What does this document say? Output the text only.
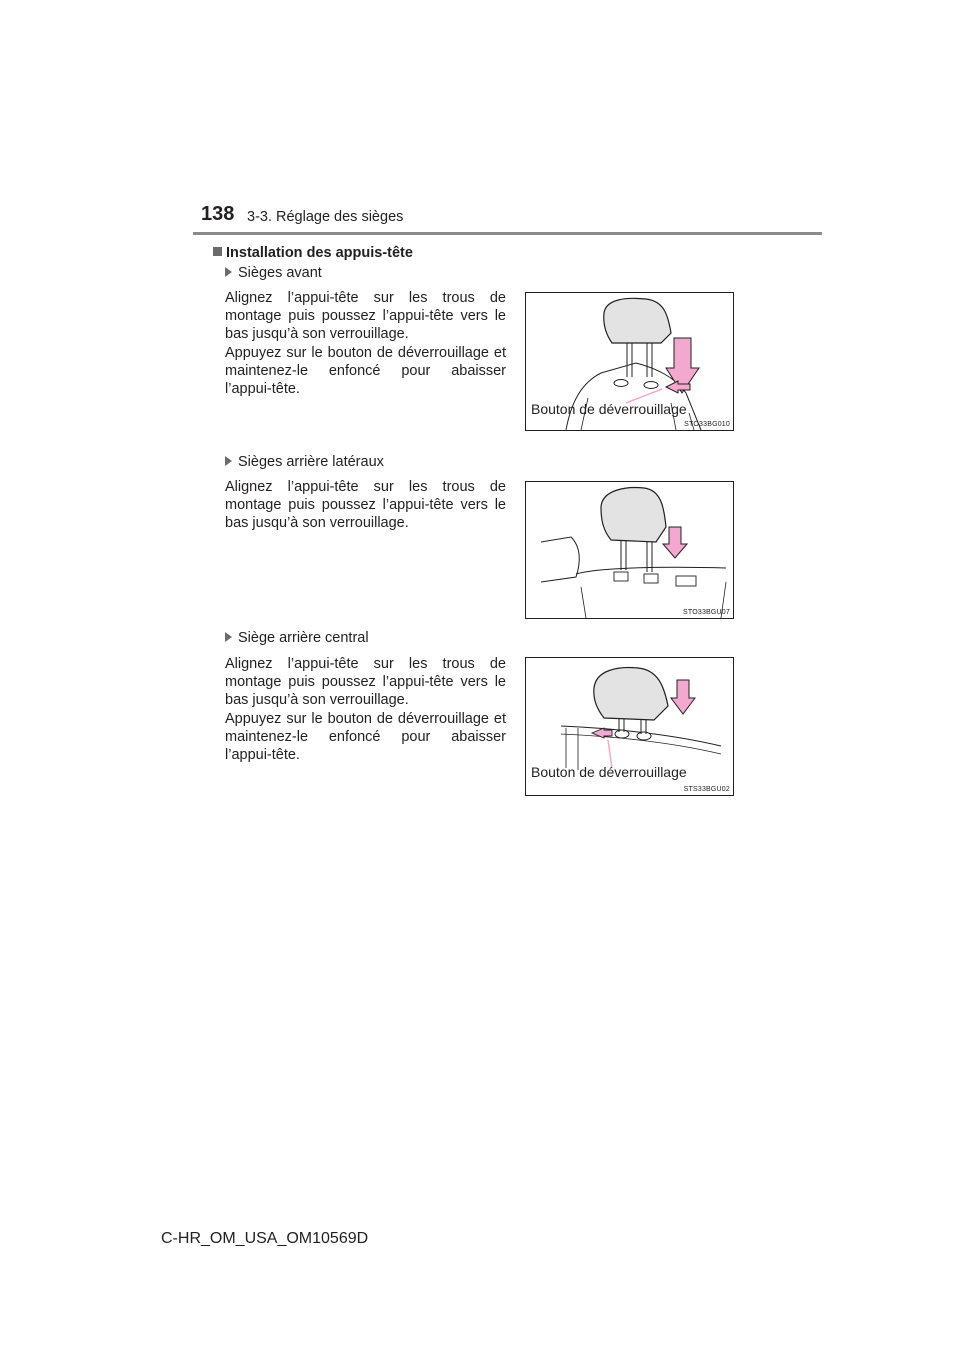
138 3-3. Réglage des sièges
Installation des appuis-tête
Sièges avant

Alignez l’appui-tête sur les trous de montage puis poussez l’appui-tête vers le bas jusqu’à son verrouillage.

Appuyez sur le bouton de déverrouillage et maintenez-le enfoncé pour abaisser l’appui-tête.

Bouton de déverrouillage
STO33BG010
Sièges arrière latéraux

Alignez l’appui-tête sur les trous de montage puis poussez l’appui-tête vers le bas jusqu’à son verrouillage.

STO33BGU07
Siège arrière central

Alignez l’appui-tête sur les trous de montage puis poussez l’appui-tête vers le bas jusqu’à son verrouillage.

Appuyez sur le bouton de déverrouillage et maintenez-le enfoncé pour abaisser l’appui-tête.

Bouton de déverrouillage
STS33BGU02
C-HR_OM_USA_OM10569D
